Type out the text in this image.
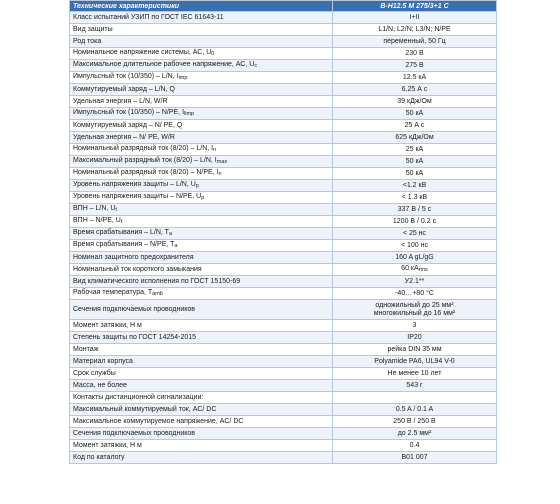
Технические характеристики	B-H12.5 M 275/3+1 C
Класс испытаний УЗИП по ГОСТ IEC 61643-11	I+II
Вид защиты	L1/N; L2/N; L3/N; N/PE
Род тока	переменный, 50 Гц
Номинальное напряжение системы, АС, $U_0$	230 В
Максимальное длительное рабочее напряжение, АС, $U_c$	275 В
Импульсный ток (10/350) – L/N, $I_{imp}$	12.5 кА
Коммутируемый заряд – L/N, Q	6.25 А с
Удельная энергия – L/N, W/R	39 кДж/Ом
Импульсный ток (10/350) – N/PE, $I_{limp}$	50 кА
Коммутируемый заряд – N/ PE, Q	25 А с
Удельная энергия – N/ PE, W/R	625 кДж/Ом
Номинальный разрядный ток (8/20) – L/N, $I_n$	25 кА
Максимальный разрядный ток (8/20) – L/N, $I_{max}$	50 кА
Номинальный разрядный ток (8/20) – N/PE, $I_n$	50 кА
Уровень напряжения защиты – L/N, $U_p$	<1.2 кВ
Уровень напряжения защиты – N/PE, $U_p$	< 1.3 кВ
ВПН – L/N, $U_t$	337 В / 5 с
ВПН – N/PE, $U_t$	1200 В / 0.2 с
Время срабатывания – L/N, $T_a$	< 25 нс
Время срабатывания – N/PE, $T_a$	< 100 нс
Номинал защитного предохранителя	160 A gL/gG
Номинальный ток короткого замыкания	60 $кА_{rms}$
Вид климатического исполнения по ГОСТ 15150-69	У2.1**
Рабочая температура, $T_{amb}$	-40…+80 °С
Сечения подключаемых проводников	одножильный до 25 мм²
многожильный до 16 мм²
Момент затяжки, Н м	3
Степень защиты по ГОСТ 14254-2015	IP20
Монтаж	рейка DIN 35 мм
Материал корпуса	Polyamide PA6, UL94 V-0
Срок службы	Не менее 10 лет
Масса, не более	543 г
Контакты дистанционной сигнализации:	
Максимальный коммутируемый ток, AC/ DC	0.5 A / 0.1 A
Максимальное коммутируемое напряжение, AC/ DC	250 B / 250 B
Сечения подключаемых проводников	до 2.5 мм²
Момент затяжки, Н м	0.4
Код по каталогу	B01 007
